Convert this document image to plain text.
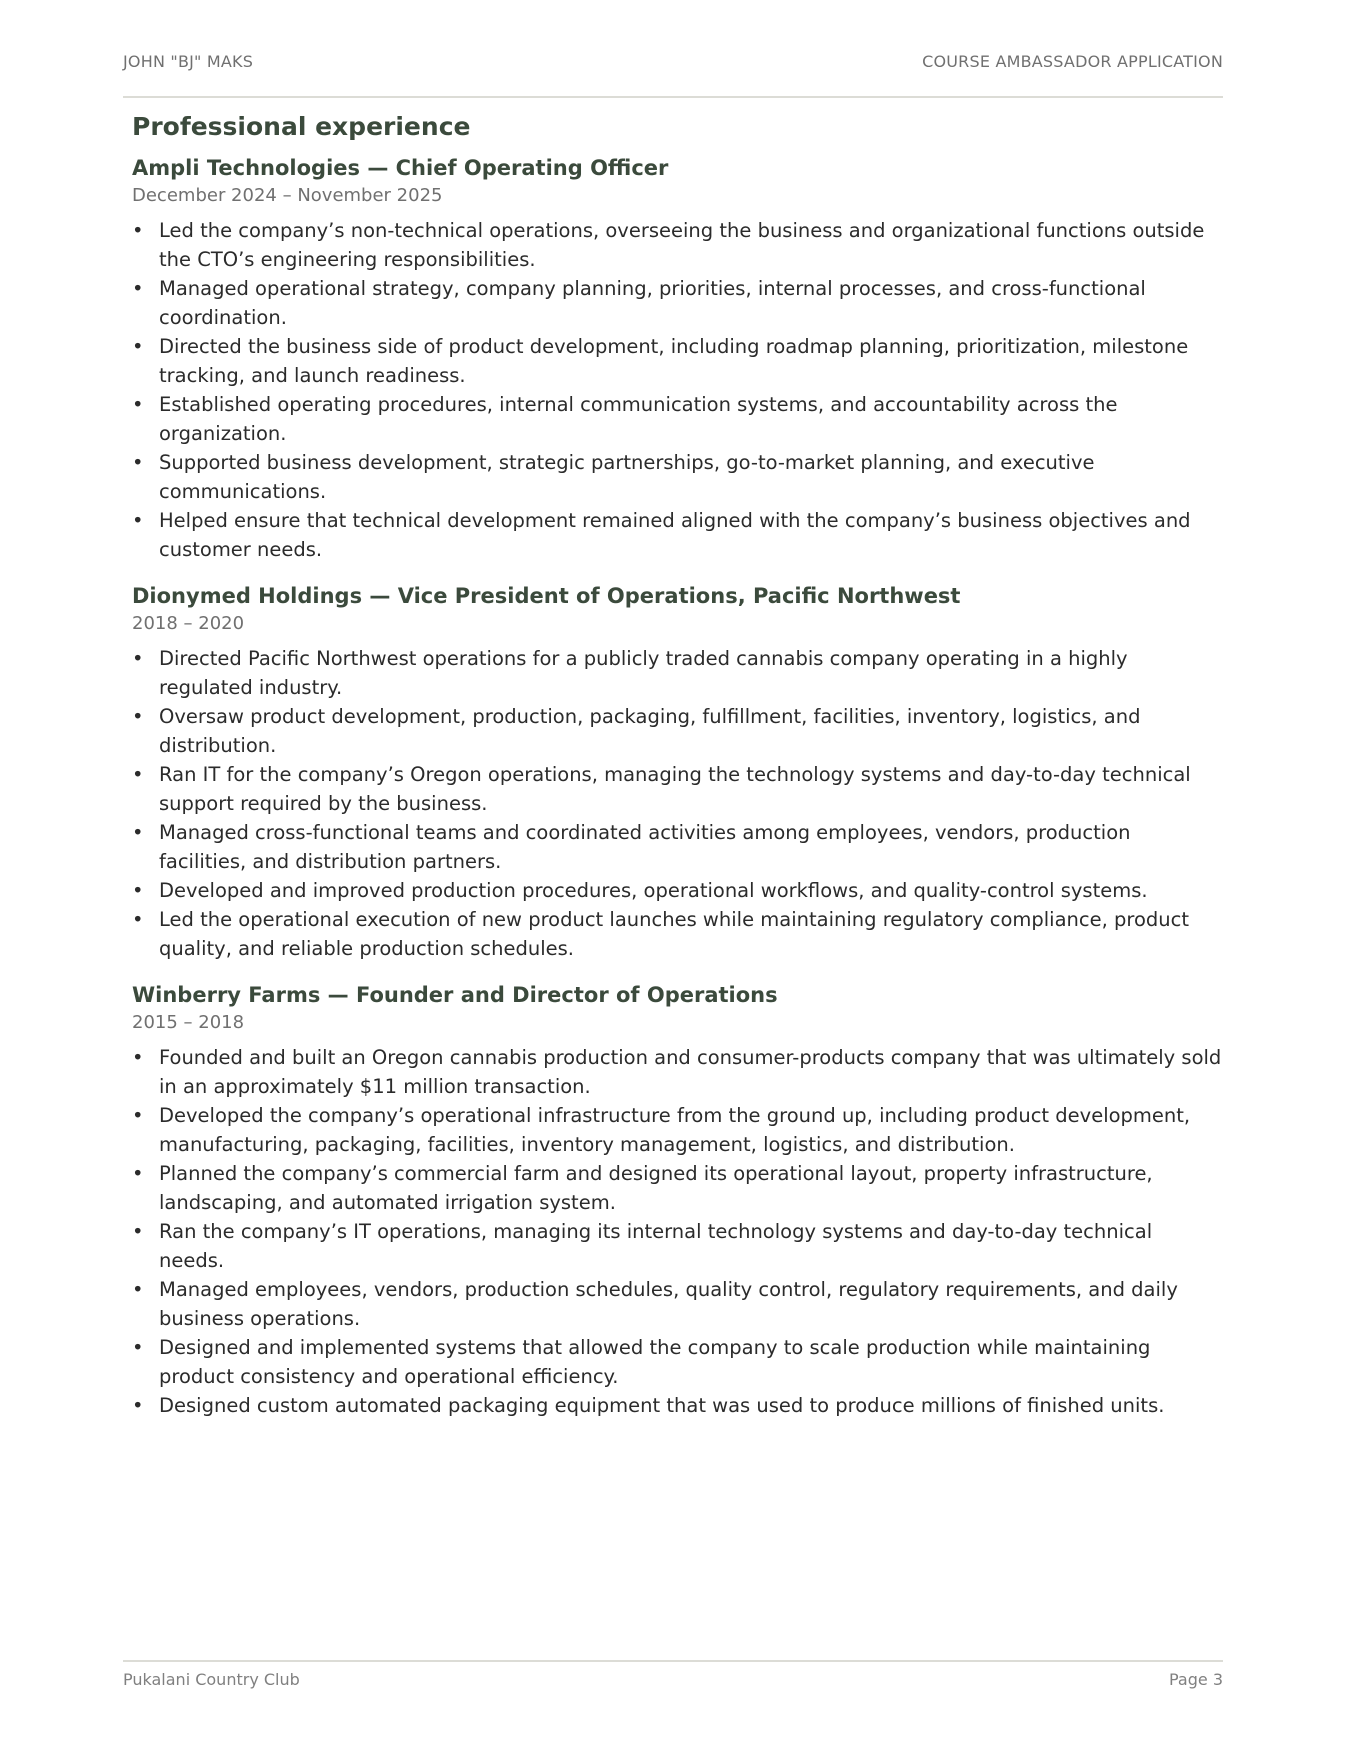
JOHN "BJ" MAKS	COURSE AMBASSADOR APPLICATION
Professional experience
Ampli Technologies — Chief Operating Officer

December 2024 – November 2025

• Led the company’s non-technical operations, overseeing the business and organizational functions outside the CTO’s engineering responsibilities.
• Managed operational strategy, company planning, priorities, internal processes, and cross-functional coordination.
• Directed the business side of product development, including roadmap planning, prioritization, milestone tracking, and launch readiness.
• Established operating procedures, internal communication systems, and accountability across the organization.
• Supported business development, strategic partnerships, go-to-market planning, and executive communications.
• Helped ensure that technical development remained aligned with the company’s business objectives and customer needs.
Dionymed Holdings — Vice President of Operations, Pacific Northwest

2018 – 2020

• Directed Pacific Northwest operations for a publicly traded cannabis company operating in a highly regulated industry.
• Oversaw product development, production, packaging, fulfillment, facilities, inventory, logistics, and distribution.
• Ran IT for the company’s Oregon operations, managing the technology systems and day-to-day technical support required by the business.
• Managed cross-functional teams and coordinated activities among employees, vendors, production facilities, and distribution partners.
• Developed and improved production procedures, operational workflows, and quality-control systems.
• Led the operational execution of new product launches while maintaining regulatory compliance, product quality, and reliable production schedules.
Winberry Farms — Founder and Director of Operations

2015 – 2018

• Founded and built an Oregon cannabis production and consumer-products company that was ultimately sold in an approximately $11 million transaction.
• Developed the company’s operational infrastructure from the ground up, including product development, manufacturing, packaging, facilities, inventory management, logistics, and distribution.
• Planned the company’s commercial farm and designed its operational layout, property infrastructure, landscaping, and automated irrigation system.
• Ran the company’s IT operations, managing its internal technology systems and day-to-day technical needs.
• Managed employees, vendors, production schedules, quality control, regulatory requirements, and daily business operations.
• Designed and implemented systems that allowed the company to scale production while maintaining product consistency and operational efficiency.
• Designed custom automated packaging equipment that was used to produce millions of finished units.
Pukalani Country Club	Page 3
